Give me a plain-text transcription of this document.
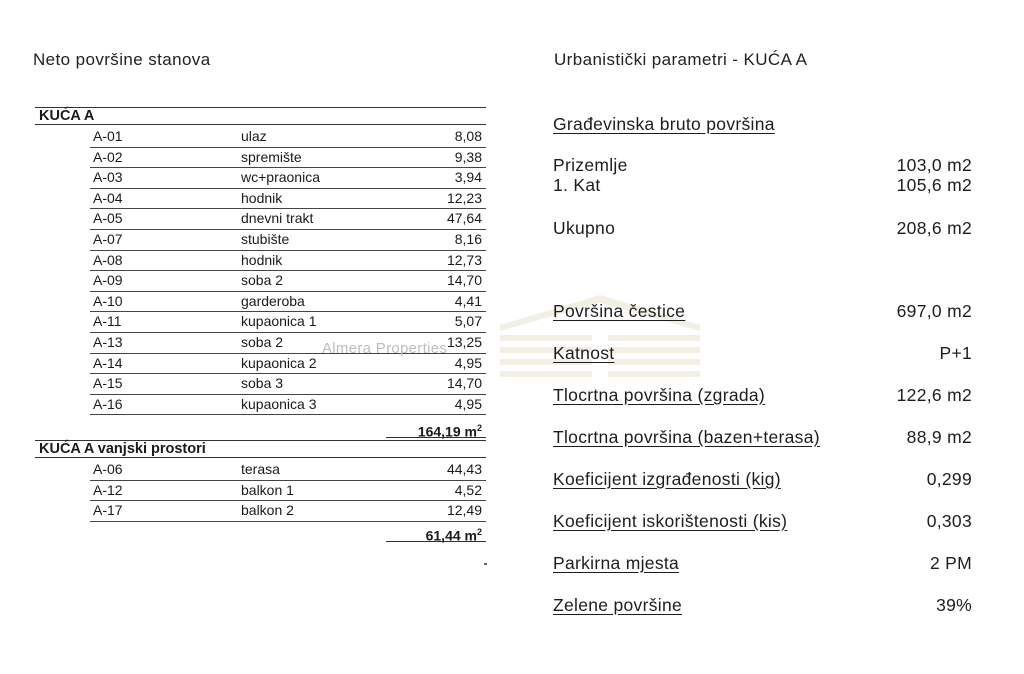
Neto površine stanova
KUĆA A
A-01	ulaz	8,08
A-02	spremište	9,38
A-03	wc+praonica	3,94
A-04	hodnik	12,23
A-05	dnevni trakt	47,64
A-07	stubište	8,16
A-08	hodnik	12,73
A-09	soba 2	14,70
A-10	garderoba	4,41
A-11	kupaonica 1	5,07
A-13	soba 2	13,25
A-14	kupaonica 2	4,95
A-15	soba 3	14,70
A-16	kupaonica 3	4,95
164,19 $m^2$
KUĆA A vanjski prostori
A-06	terasa	44,43
A-12	balkon 1	4,52
A-17	balkon 2	12,49
61,44 $m^2$
Almera Properties
Urbanistički parametri - KUĆA A
Građevinska bruto površina
Prizemlje	103,0 m2
1. Kat	105,6 m2
Ukupno	208,6 m2
Površina čestice	697,0 m2
Katnost	P+1
Tlocrtna površina (zgrada)	122,6 m2
Tlocrtna površina (bazen+terasa)	88,9 m2
Koeficijent izgrađenosti (kig)	0,299
Koeficijent iskorištenosti (kis)	0,303
Parkirna mjesta	2 PM
Zelene površine	39%
